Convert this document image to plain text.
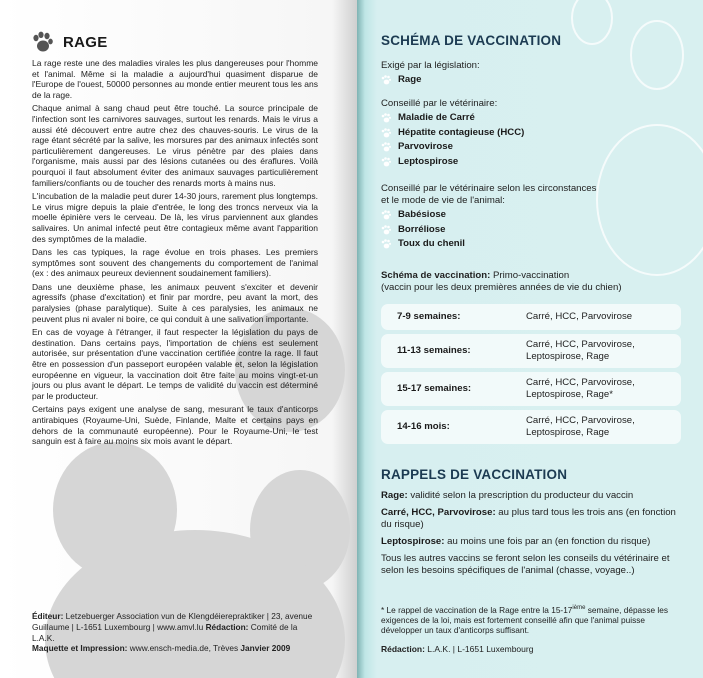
RAGE

La rage reste une des maladies virales les plus dangereuses pour l'homme et l'animal. Même si la maladie a aujourd'hui quasiment disparue de l'Europe de l'ouest, 50000 personnes au monde entier meurent tous les ans de la rage.

Chaque animal à sang chaud peut être touché. La source principale de l'infection sont les carnivores sauvages, surtout les renards. Mais le virus a aussi été découvert entre autre chez des chauves-souris. Le virus de la rage étant sécrété par la salive, les morsures par des animaux infectés sont particulièrement dangereuses. Le virus pénètre par des plaies dans l'organisme, mais aussi par des lésions cutanées ou des éraflures. Voilà pourquoi il faut absolument éviter des animaux sauvages particulièrement familiers/confiants ou de toucher des renards morts à mains nus.

L'incubation de la maladie peut durer 14-30 jours, rarement plus longtemps. Le virus migre depuis la plaie d'entrée, le long des troncs nerveux via la moelle épinière vers le cerveau. De là, les virus parviennent aux glandes salivaires. Un animal infecté peut être contagieux même avant l'apparition des symptômes de la maladie.

Dans les cas typiques, la rage évolue en trois phases. Les premiers symptômes sont souvent des changements du comportement de l'animal (ex : des animaux peureux deviennent soudainement familiers).

Dans une deuxième phase, les animaux peuvent s'exciter et devenir agressifs (phase d'excitation) et finir par mordre, peu avant la mort, des paralysies (phase paralytique). Suite à ces paralysies, les animaux ne peuvent plus ni avaler ni boire, ce qui conduit à une salivation importante.

En cas de voyage à l'étranger, il faut respecter la législation du pays de destination. Dans certains pays, l'importation de chiens est seulement autorisée, sur présentation d'une vaccination certifiée contre la rage. Il faut être en possession d'un passeport européen valable et, selon la législation européenne en vigueur, la vaccination doit être faite au moins vingt-et-un jours ou plus avant le départ. Le temps de validité du vaccin est déterminé par le producteur.

Certains pays exigent une analyse de sang, mesurant le taux d'anticorps antirabiques (Royaume-Uni, Suède, Finlande, Malte et certains pays en dehors de la communauté européenne). Pour le Royaume-Uni, le test sanguin est à faire au moins six mois avant le départ.

Éditeur: Letzebuerger Association vun de Klengdéierepraktiker | 23, avenue Guillaume | L-1651 Luxembourg | www.amvl.lu Rédaction: Comité de la L.A.K.
Maquette et Impression: www.ensch-media.de, Trèves Janvier 2009
SCHÉMA DE VACCINATION
Exigé par la législation:
Rage
Conseillé par le vétérinaire:
Maladie de Carré
Hépatite contagieuse (HCC)
Parvovirose
Leptospirose
Conseillé par le vétérinaire selon les circonstances
et le mode de vie de l'animal:
Babésiose
Borréliose
Toux du chenil
Schéma de vaccination: Primo-vaccination
(vaccin pour les deux premières années de vie du chien)
7-9 semaines:	Carré, HCC, Parvovirose
11-13 semaines:
Carré, HCC, Parvovirose,
Leptospirose, Rage
15-17 semaines:
Carré, HCC, Parvovirose,
Leptospirose, Rage*
14-16 mois:
Carré, HCC, Parvovirose,
Leptospirose, Rage
RAPPELS DE VACCINATION

Rage: validité selon la prescription du producteur du vaccin

Carré, HCC, Parvovirose: au plus tard tous les trois ans (en fonction du risque)

Leptospirose: au moins une fois par an (en fonction du risque)

Tous les autres vaccins se feront selon les conseils du vétérinaire et selon les besoins spécifiques de l'animal (chasse, voyage..)

* Le rappel de vaccination de la Rage entre la 15-17ième semaine, dépasse les exigences de la loi, mais est fortement conseillé afin que l'animal puisse développer un taux d'anticorps suffisant.
Rédaction: L.A.K. | L-1651 Luxembourg
